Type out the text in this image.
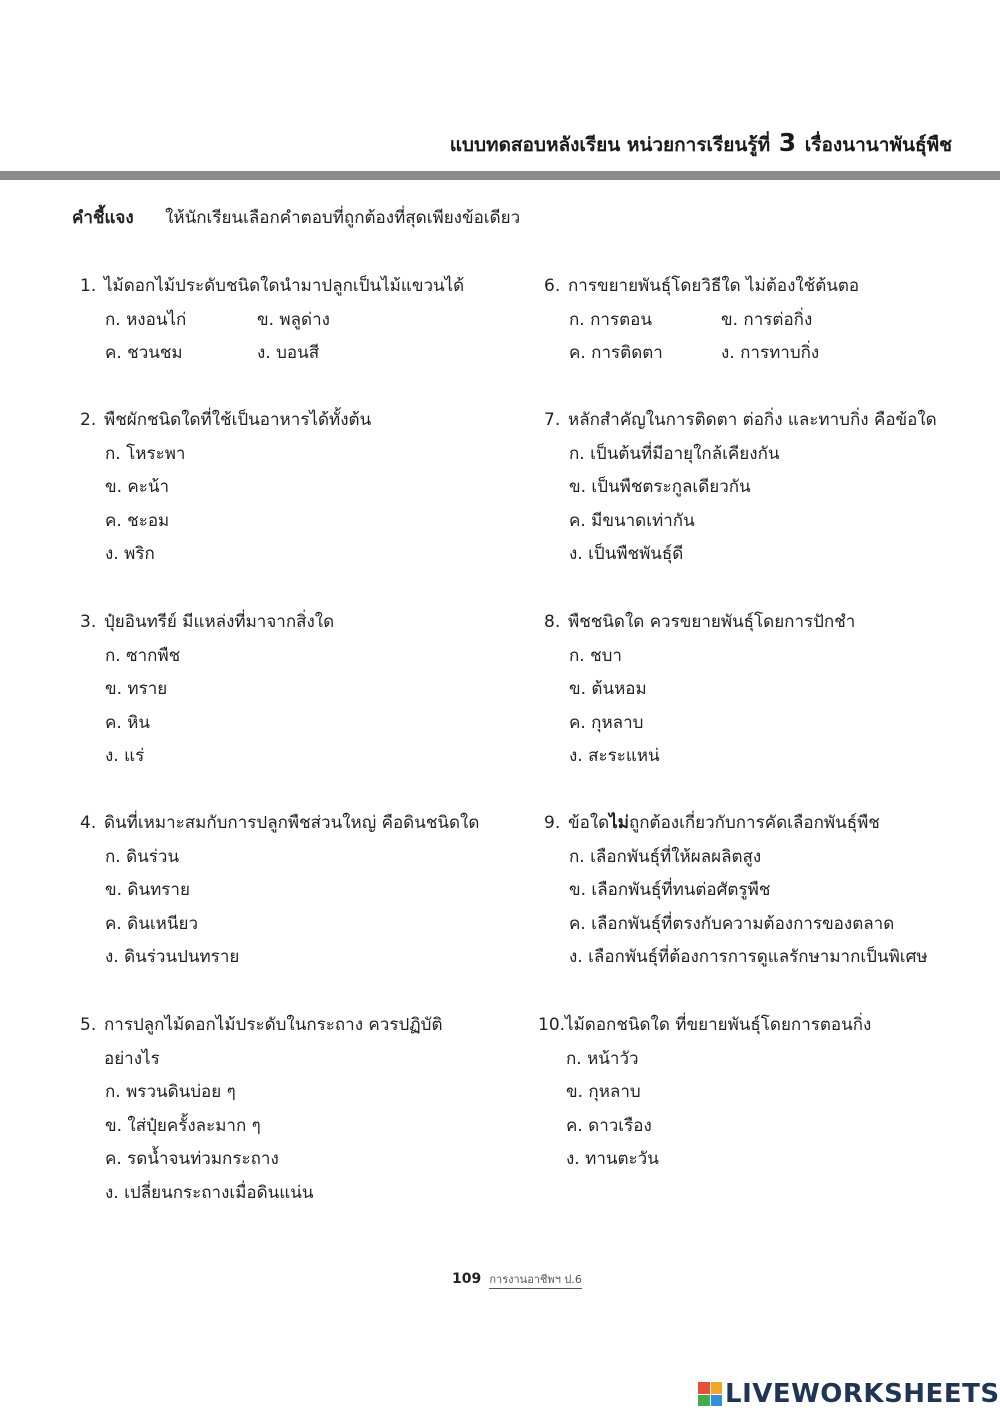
แบบทดสอบหลังเรียน หน่วยการเรียนรู้ที่ 3 เรื่องนานาพันธุ์พืช
คำชี้แจง ให้นักเรียนเลือกคำตอบที่ถูกต้องที่สุดเพียงข้อเดียว
1. ไม้ดอกไม้ประดับชนิดใดนำมาปลูกเป็นไม้แขวนได้
ก. หงอนไก่	ข. พลูด่าง
ค. ชวนชม	ง. บอนสี
2. พืชผักชนิดใดที่ใช้เป็นอาหารได้ทั้งต้น
ก. โหระพา
ข. คะน้า
ค. ชะอม
ง. พริก
3. ปุ๋ยอินทรีย์ มีแหล่งที่มาจากสิ่งใด
ก. ซากพืช
ข. ทราย
ค. หิน
ง. แร่
4. ดินที่เหมาะสมกับการปลูกพืชส่วนใหญ่ คือดินชนิดใด
ก. ดินร่วน
ข. ดินทราย
ค. ดินเหนียว
ง. ดินร่วนปนทราย
5. การปลูกไม้ดอกไม้ประดับในกระถาง ควรปฏิบัติ
อย่างไร
ก. พรวนดินบ่อย ๆ
ข. ใส่ปุ๋ยครั้งละมาก ๆ
ค. รดน้ำจนท่วมกระถาง
ง. เปลี่ยนกระถางเมื่อดินแน่น
6. การขยายพันธุ์โดยวิธีใด ไม่ต้องใช้ต้นตอ
ก. การตอน	ข. การต่อกิ่ง
ค. การติดตา	ง. การทาบกิ่ง
7. หลักสำคัญในการติดตา ต่อกิ่ง และทาบกิ่ง คือข้อใด
ก. เป็นต้นที่มีอายุใกล้เคียงกัน
ข. เป็นพืชตระกูลเดียวกัน
ค. มีขนาดเท่ากัน
ง. เป็นพืชพันธุ์ดี
8. พืชชนิดใด ควรขยายพันธุ์โดยการปักชำ
ก. ชบา
ข. ต้นหอม
ค. กุหลาบ
ง. สะระแหน่
9. ข้อใดไม่ถูกต้องเกี่ยวกับการคัดเลือกพันธุ์พืช
ก. เลือกพันธุ์ที่ให้ผลผลิตสูง
ข. เลือกพันธุ์ที่ทนต่อศัตรูพืช
ค. เลือกพันธุ์ที่ตรงกับความต้องการของตลาด
ง. เลือกพันธุ์ที่ต้องการการดูแลรักษามากเป็นพิเศษ
10.ไม้ดอกชนิดใด ที่ขยายพันธุ์โดยการตอนกิ่ง
ก. หน้าวัว
ข. กุหลาบ
ค. ดาวเรือง
ง. ทานตะวัน
109 การงานอาชีพฯ ป.6
LIVEWORKSHEETS
